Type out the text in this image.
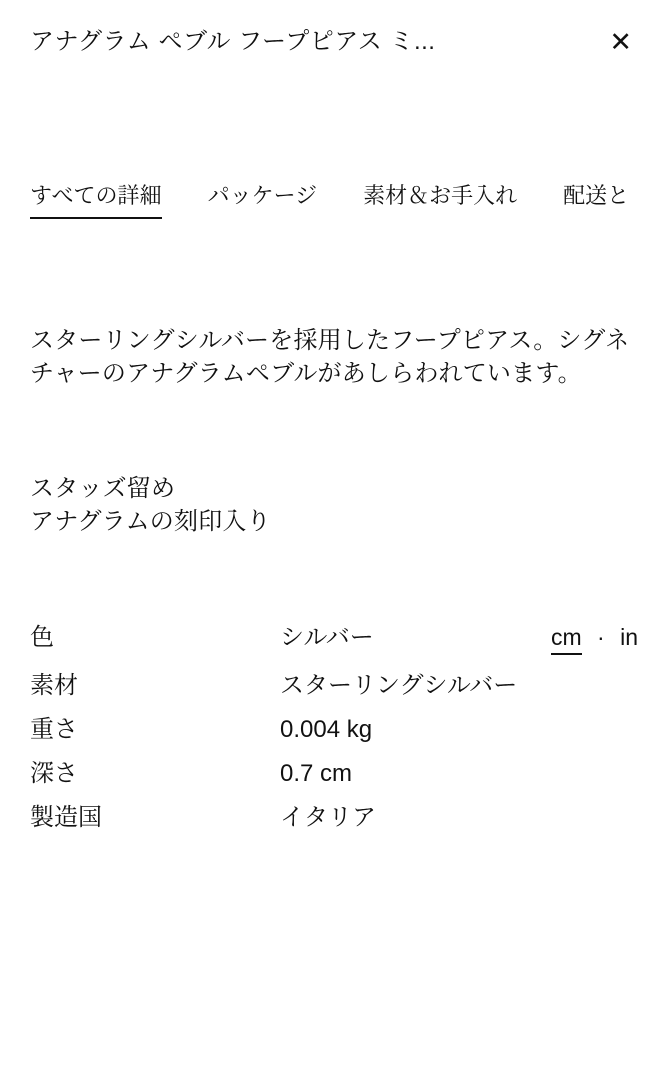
アナグラム ペブル フープピアス ミ...	✕
すべての詳細 パッケージ 素材＆お手入れ 配送と

スターリングシルバーを採用したフープピアス。シグネチャーのアナグラムペブルがあしらわれています。

スタッズ留め
アナグラムの刻印入り
色	シルバー	cm · in
素材	スターリングシルバー
重さ	0.004 kg
深さ	0.7 cm
製造国	イタリア
